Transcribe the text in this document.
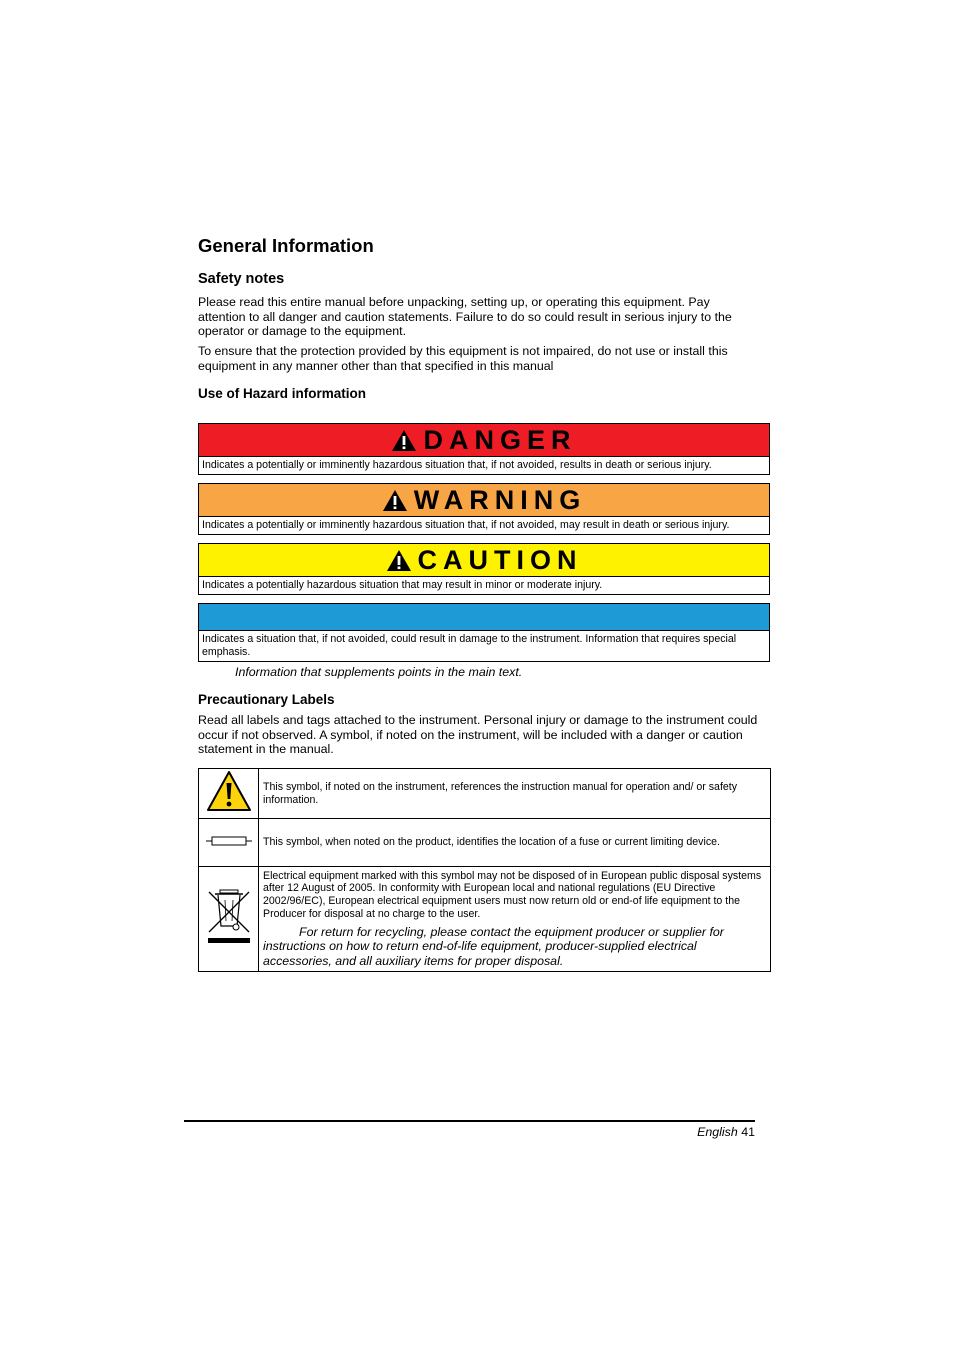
General Information
Safety notes
Please read this entire manual before unpacking, setting up, or operating this equipment. Pay attention to all danger and caution statements. Failure to do so could result in serious injury to the operator or damage to the equipment.
To ensure that the protection provided by this equipment is not impaired, do not use or install this equipment in any manner other than that specified in this manual
Use of Hazard information
DANGER
Indicates a potentially or imminently hazardous situation that, if not avoided, results in death or serious injury.
WARNING
Indicates a potentially or imminently hazardous situation that, if not avoided, may result in death or serious injury.
CAUTION
Indicates a potentially hazardous situation that may result in minor or moderate injury.
Indicates a situation that, if not avoided, could result in damage to the instrument. Information that requires special emphasis.
Information that supplements points in the main text.
Precautionary Labels
Read all labels and tags attached to the instrument. Personal injury or damage to the instrument could occur if not observed. A symbol, if noted on the instrument, will be included with a danger or caution statement in the manual.
	This symbol, if noted on the instrument, references the instruction manual for operation and/ or safety information.
	This symbol, when noted on the product, identifies the location of a fuse or current limiting device.
	Electrical equipment marked with this symbol may not be disposed of in European public disposal systems after 12 August of 2005. In conformity with European local and national regulations (EU Directive 2002/96/EC), European electrical equipment users must now return old or end-of life equipment to the Producer for disposal at no charge to the user.
For return for recycling, please contact the equipment producer or supplier for instructions on how to return end-of-life equipment, producer-supplied electrical accessories, and all auxiliary items for proper disposal.
English 41
